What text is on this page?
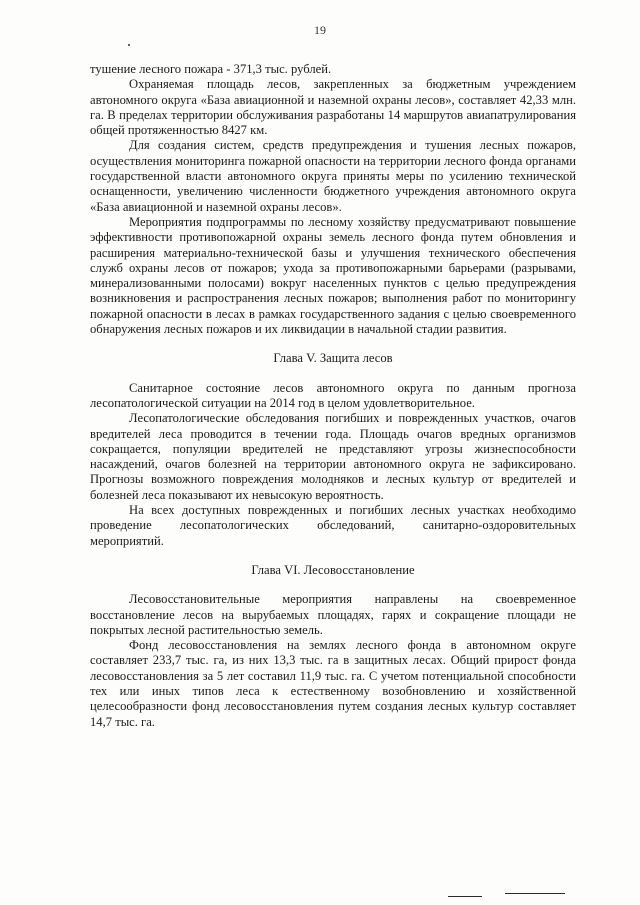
19

тушение лесного пожара - 371,3 тыс. рублей.

Охраняемая площадь лесов, закрепленных за бюджетным учреждением автономного округа «База авиационной и наземной охраны лесов», составляет 42,33 млн. га. В пределах территории обслуживания разработаны 14 маршрутов авиапатрулирования общей протяженностью 8427 км.

Для создания систем, средств предупреждения и тушения лесных пожаров, осуществления мониторинга пожарной опасности на территории лесного фонда органами государственной власти автономного округа приняты меры по усилению технической оснащенности, увеличению численности бюджетного учреждения автономного округа «База авиационной и наземной охраны лесов».

Мероприятия подпрограммы по лесному хозяйству предусматривают повышение эффективности противопожарной охраны земель лесного фонда путем обновления и расширения материально-технической базы и улучшения технического обеспечения служб охраны лесов от пожаров; ухода за противопожарными барьерами (разрывами, минерализованными полосами) вокруг населенных пунктов с целью предупреждения возникновения и распространения лесных пожаров; выполнения работ по мониторингу пожарной опасности в лесах в рамках государственного задания с целью своевременного обнаружения лесных пожаров и их ликвидации в начальной стадии развития.

Глава V. Защита лесов

Санитарное состояние лесов автономного округа по данным прогноза лесопатологической ситуации на 2014 год в целом удовлетворительное.

Лесопатологические обследования погибших и поврежденных участков, очагов вредителей леса проводится в течении года. Площадь очагов вредных организмов сокращается, популяции вредителей не представляют угрозы жизнеспособности насаждений, очагов болезней на территории автономного округа не зафиксировано. Прогнозы возможного повреждения молодняков и лесных культур от вредителей и болезней леса показывают их невысокую вероятность.

На всех доступных поврежденных и погибших лесных участках необходимо проведение лесопатологических обследований, санитарно-оздоровительных мероприятий.

Глава VI. Лесовосстановление

Лесовосстановительные мероприятия направлены на своевременное восстановление лесов на вырубаемых площадях, гарях и сокращение площади не покрытых лесной растительностью земель.

Фонд лесовосстановления на землях лесного фонда в автономном округе составляет 233,7 тыс. га, из них 13,3 тыс. га в защитных лесах. Общий прирост фонда лесовосстановления за 5 лет составил 11,9 тыс. га. С учетом потенциальной способности тех или иных типов леса к естественному возобновлению и хозяйственной целесообразности фонд лесовосстановления путем создания лесных культур составляет 14,7 тыс. га.
